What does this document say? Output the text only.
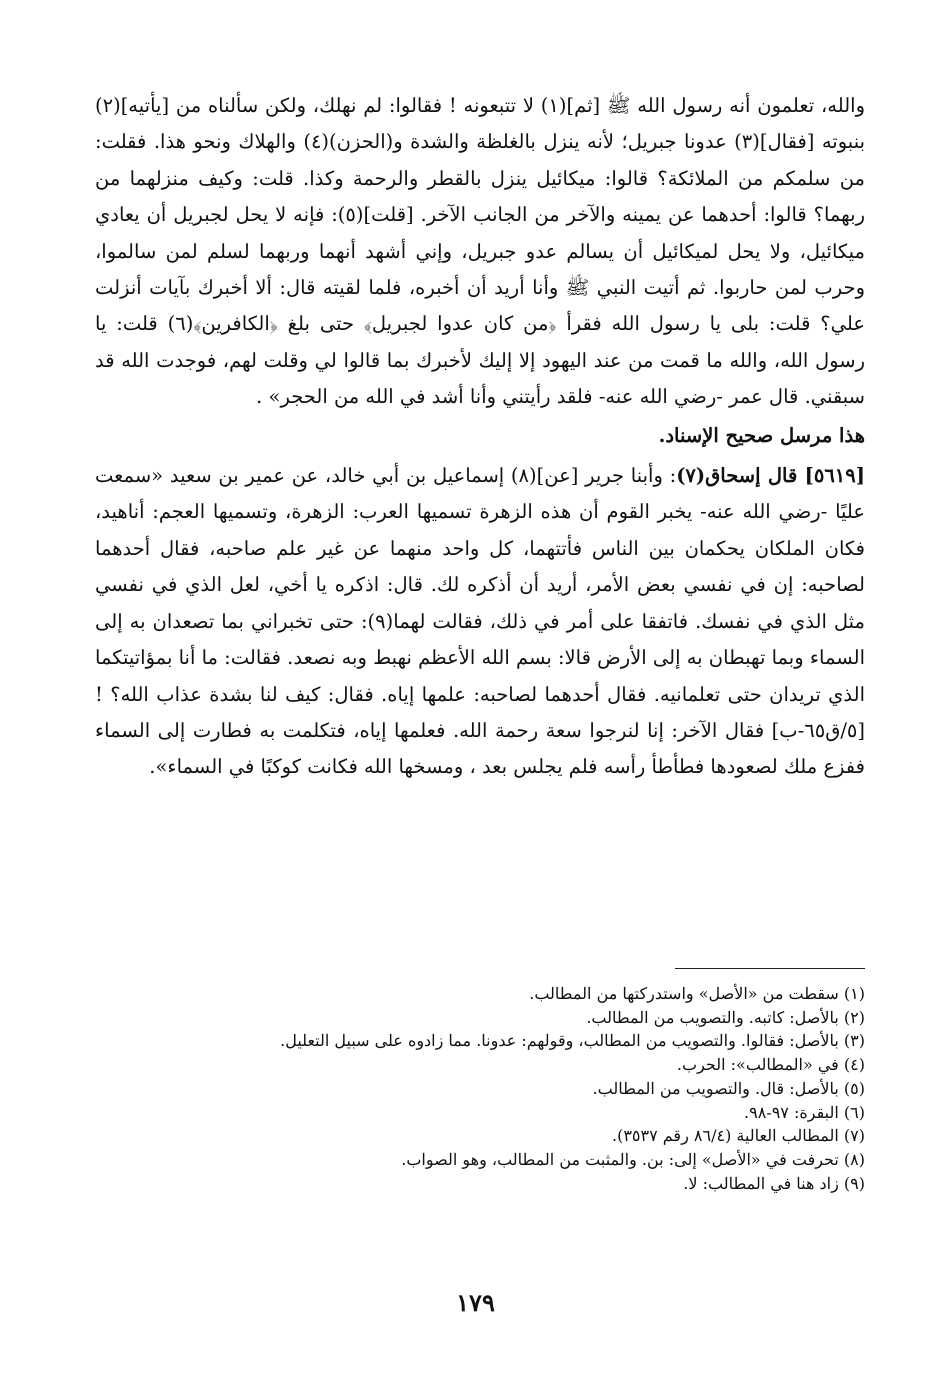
والله، تعلمون أنه رسول الله ﷺ [ثم](١) لا تتبعونه ! فقالوا: لم نهلك، ولكن سألناه من [يأتيه](٢) بنبوته [فقال](٣) عدونا جبريل؛ لأنه ينزل بالغلظة والشدة و(الحزن)(٤) والهلاك ونحو هذا. فقلت: من سلمكم من الملائكة؟ قالوا: ميكائيل ينزل بالقطر والرحمة وكذا. قلت: وكيف منزلهما من ربهما؟ قالوا: أحدهما عن يمينه والآخر من الجانب الآخر. [قلت](٥): فإنه لا يحل لجبريل أن يعادي ميكائيل، ولا يحل لميكائيل أن يسالم عدو جبريل، وإني أشهد أنهما وربهما لسلم لمن سالموا، وحرب لمن حاربوا. ثم أتيت النبي ﷺ وأنا أريد أن أخبره، فلما لقيته قال: ألا أخبرك بآيات أنزلت علي؟ قلت: بلى يا رسول الله فقرأ ﴿من كان عدوا لجبريل﴾ حتى بلغ ﴿الكافرين﴾(٦) قلت: يا رسول الله، والله ما قمت من عند اليهود إلا إليك لأخبرك بما قالوا لي وقلت لهم، فوجدت الله قد سبقني. قال عمر -رضي الله عنه- فلقد رأيتني وأنا أشد في الله من الحجر» .

هذا مرسل صحيح الإسناد.

[٥٦١٩] قال إسحاق(٧): وأبنا جرير [عن](٨) إسماعيل بن أبي خالد، عن عمير بن سعيد «سمعت عليًا -رضي الله عنه- يخبر القوم أن هذه الزهرة تسميها العرب: الزهرة، وتسميها العجم: أناهيد، فكان الملكان يحكمان بين الناس فأتتهما، كل واحد منهما عن غير علم صاحبه، فقال أحدهما لصاحبه: إن في نفسي بعض الأمر، أريد أن أذكره لك. قال: اذكره يا أخي، لعل الذي في نفسي مثل الذي في نفسك. فاتفقا على أمر في ذلك، فقالت لهما(٩): حتى تخبراني بما تصعدان به إلى السماء وبما تهبطان به إلى الأرض قالا: بسم الله الأعظم نهبط وبه نصعد. فقالت: ما أنا بمؤاتيتكما الذي تريدان حتى تعلمانيه. فقال أحدهما لصاحبه: علمها إياه. فقال: كيف لنا بشدة عذاب الله؟ ! [٥/ق٦٥-ب] فقال الآخر: إنا لنرجوا سعة رحمة الله. فعلمها إياه، فتكلمت به فطارت إلى السماء ففزع ملك لصعودها فطأطأ رأسه فلم يجلس بعد ، ومسخها الله فكانت كوكبًا في السماء».

(١) سقطت من «الأصل» واستدركتها من المطالب.

(٢) بالأصل: كاتبه. والتصويب من المطالب.

(٣) بالأصل: فقالوا. والتصويب من المطالب، وقولهم: عدونا. مما زادوه على سبيل التعليل.

(٤) في «المطالب»: الحرب.

(٥) بالأصل: قال. والتصويب من المطالب.

(٦) البقرة: ٩٧-٩٨.

(٧) المطالب العالية (٨٦/٤ رقم ٣٥٣٧).

(٨) تحرفت في «الأصل» إلى: بن. والمثبت من المطالب، وهو الصواب.

(٩) زاد هنا في المطالب: لا.

١٧٩
